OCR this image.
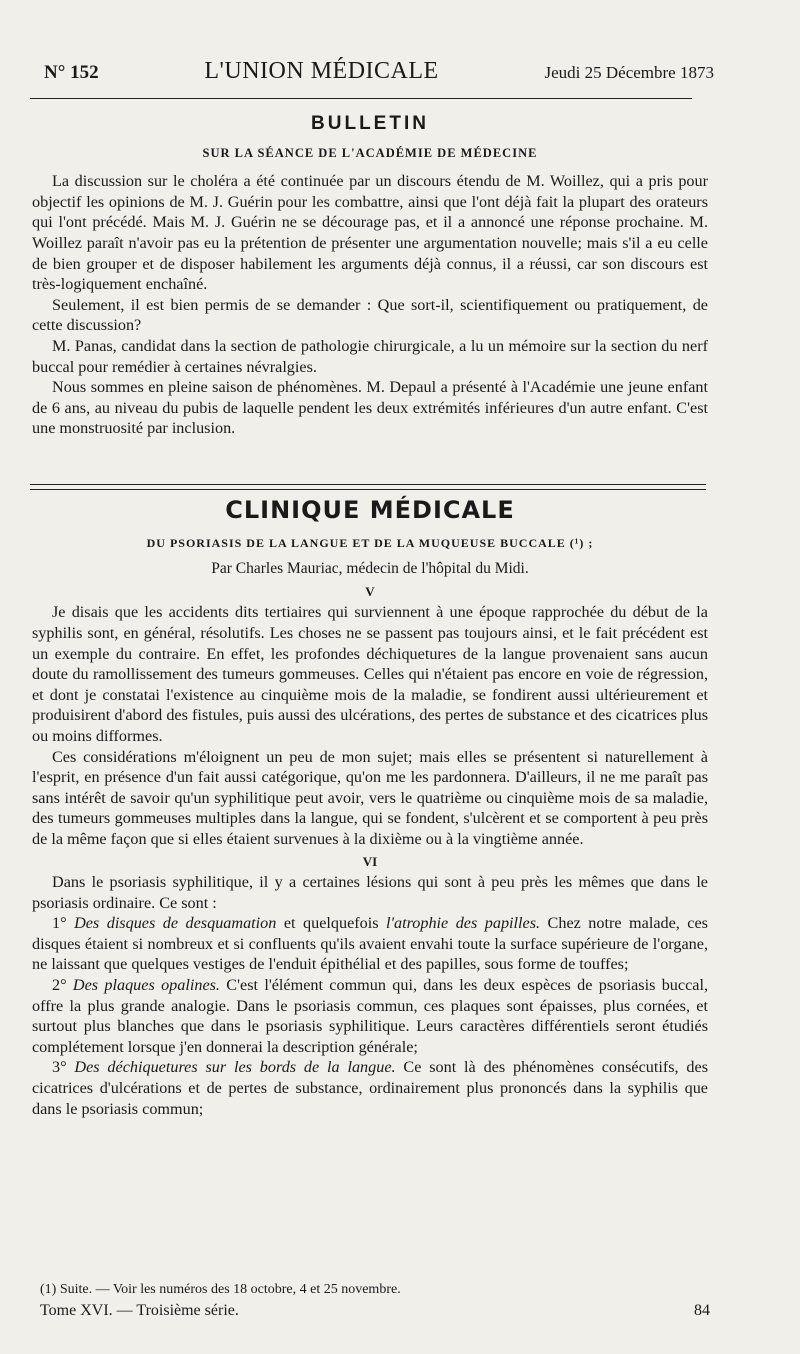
N° 152	L'UNION MÉDICALE	Jeudi 25 Décembre 1873
BULLETIN
SUR LA SÉANCE DE L'ACADÉMIE DE MÉDECINE

La discussion sur le choléra a été continuée par un discours étendu de M. Woillez, qui a pris pour objectif les opinions de M. J. Guérin pour les combattre, ainsi que l'ont déjà fait la plupart des orateurs qui l'ont précédé. Mais M. J. Guérin ne se décourage pas, et il a annoncé une réponse prochaine. M. Woillez paraît n'avoir pas eu la prétention de présenter une argumentation nouvelle; mais s'il a eu celle de bien grouper et de disposer habilement les arguments déjà connus, il a réussi, car son discours est très-logiquement enchaîné.

Seulement, il est bien permis de se demander : Que sort-il, scientifiquement ou pratiquement, de cette discussion?

M. Panas, candidat dans la section de pathologie chirurgicale, a lu un mémoire sur la section du nerf buccal pour remédier à certaines névralgies.

Nous sommes en pleine saison de phénomènes. M. Depaul a présenté à l'Académie une jeune enfant de 6 ans, au niveau du pubis de laquelle pendent les deux extrémités inférieures d'un autre enfant. C'est une monstruosité par inclusion.

CLINIQUE MÉDICALE
DU PSORIASIS DE LA LANGUE ET DE LA MUQUEUSE BUCCALE (¹) ;
Par Charles Mauriac, médecin de l'hôpital du Midi.
V

Je disais que les accidents dits tertiaires qui surviennent à une époque rapprochée du début de la syphilis sont, en général, résolutifs. Les choses ne se passent pas toujours ainsi, et le fait précédent est un exemple du contraire. En effet, les profondes déchiquetures de la langue provenaient sans aucun doute du ramollissement des tumeurs gommeuses. Celles qui n'étaient pas encore en voie de régression, et dont je constatai l'existence au cinquième mois de la maladie, se fondirent aussi ultérieurement et produisirent d'abord des fistules, puis aussi des ulcérations, des pertes de substance et des cicatrices plus ou moins difformes.

Ces considérations m'éloignent un peu de mon sujet; mais elles se présentent si naturellement à l'esprit, en présence d'un fait aussi catégorique, qu'on me les pardonnera. D'ailleurs, il ne me paraît pas sans intérêt de savoir qu'un syphilitique peut avoir, vers le quatrième ou cinquième mois de sa maladie, des tumeurs gommeuses multiples dans la langue, qui se fondent, s'ulcèrent et se comportent à peu près de la même façon que si elles étaient survenues à la dixième ou à la vingtième année.

VI

Dans le psoriasis syphilitique, il y a certaines lésions qui sont à peu près les mêmes que dans le psoriasis ordinaire. Ce sont :

1° Des disques de desquamation et quelquefois l'atrophie des papilles. Chez notre malade, ces disques étaient si nombreux et si confluents qu'ils avaient envahi toute la surface supérieure de l'organe, ne laissant que quelques vestiges de l'enduit épithélial et des papilles, sous forme de touffes;

2° Des plaques opalines. C'est l'élément commun qui, dans les deux espèces de psoriasis buccal, offre la plus grande analogie. Dans le psoriasis commun, ces plaques sont épaisses, plus cornées, et surtout plus blanches que dans le psoriasis syphilitique. Leurs caractères différentiels seront étudiés complétement lorsque j'en donnerai la description générale;

3° Des déchiquetures sur les bords de la langue. Ce sont là des phénomènes consécutifs, des cicatrices d'ulcérations et de pertes de substance, ordinairement plus prononcés dans la syphilis que dans le psoriasis commun;

(1) Suite. — Voir les numéros des 18 octobre, 4 et 25 novembre.
Tome XVI. — Troisième série.	84
